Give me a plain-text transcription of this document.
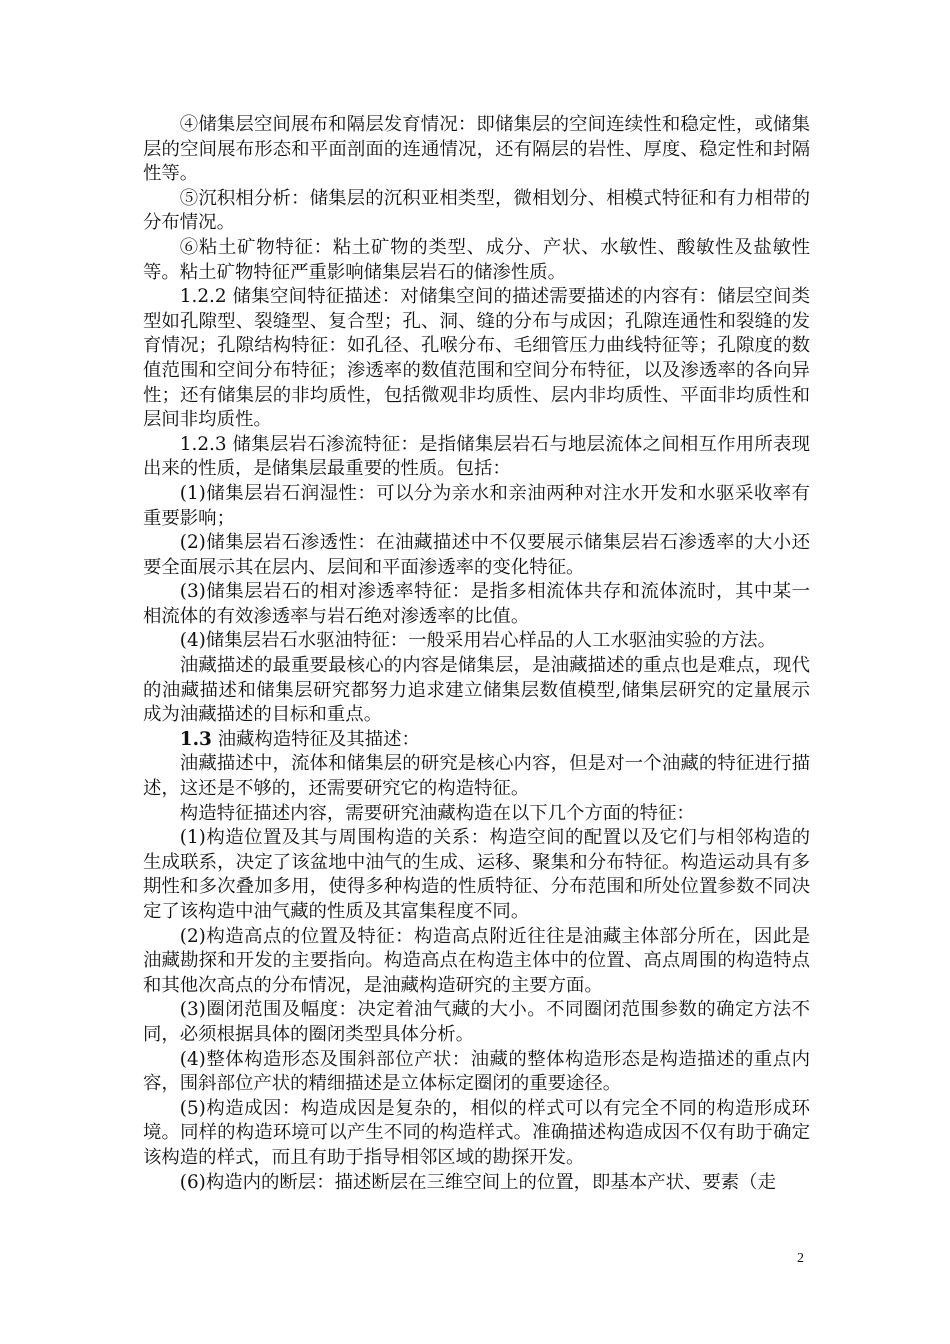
④储集层空间展布和隔层发育情况：即储集层的空间连续性和稳定性，或储集层的空间展布形态和平面剖面的连通情况，还有隔层的岩性、厚度、稳定性和封隔性等。

⑤沉积相分析：储集层的沉积亚相类型，微相划分、相模式特征和有力相带的分布情况。

⑥粘土矿物特征：粘土矿物的类型、成分、产状、水敏性、酸敏性及盐敏性等。粘土矿物特征严重影响储集层岩石的储渗性质。

1.2.2 储集空间特征描述：对储集空间的描述需要描述的内容有：储层空间类型如孔隙型、裂缝型、复合型；孔、洞、缝的分布与成因；孔隙连通性和裂缝的发育情况；孔隙结构特征：如孔径、孔喉分布、毛细管压力曲线特征等；孔隙度的数值范围和空间分布特征；渗透率的数值范围和空间分布特征，以及渗透率的各向异性；还有储集层的非均质性，包括微观非均质性、层内非均质性、平面非均质性和层间非均质性。

1.2.3 储集层岩石渗流特征：是指储集层岩石与地层流体之间相互作用所表现出来的性质，是储集层最重要的性质。包括：

(1)储集层岩石润湿性：可以分为亲水和亲油两种对注水开发和水驱采收率有重要影响；

(2)储集层岩石渗透性：在油藏描述中不仅要展示储集层岩石渗透率的大小还要全面展示其在层内、层间和平面渗透率的变化特征。

(3)储集层岩石的相对渗透率特征：是指多相流体共存和流体流时，其中某一相流体的有效渗透率与岩石绝对渗透率的比值。

(4)储集层岩石水驱油特征：一般采用岩心样品的人工水驱油实验的方法。

油藏描述的最重要最核心的内容是储集层，是油藏描述的重点也是难点，现代的油藏描述和储集层研究都努力追求建立储集层数值模型,储集层研究的定量展示成为油藏描述的目标和重点。

1.3 油藏构造特征及其描述：

油藏描述中，流体和储集层的研究是核心内容，但是对一个油藏的特征进行描述，这还是不够的，还需要研究它的构造特征。

构造特征描述内容，需要研究油藏构造在以下几个方面的特征：

(1)构造位置及其与周围构造的关系：构造空间的配置以及它们与相邻构造的生成联系，决定了该盆地中油气的生成、运移、聚集和分布特征。构造运动具有多期性和多次叠加多用，使得多种构造的性质特征、分布范围和所处位置参数不同决定了该构造中油气藏的性质及其富集程度不同。

(2)构造高点的位置及特征：构造高点附近往往是油藏主体部分所在，因此是油藏勘探和开发的主要指向。构造高点在构造主体中的位置、高点周围的构造特点和其他次高点的分布情况，是油藏构造研究的主要方面。

(3)圈闭范围及幅度：决定着油气藏的大小。不同圈闭范围参数的确定方法不同，必须根据具体的圈闭类型具体分析。

(4)整体构造形态及围斜部位产状：油藏的整体构造形态是构造描述的重点内容，围斜部位产状的精细描述是立体标定圈闭的重要途径。

(5)构造成因：构造成因是复杂的，相似的样式可以有完全不同的构造形成环境。同样的构造环境可以产生不同的构造样式。准确描述构造成因不仅有助于确定该构造的样式，而且有助于指导相邻区域的勘探开发。

(6)构造内的断层：描述断层在三维空间上的位置，即基本产状、要素（走

2
